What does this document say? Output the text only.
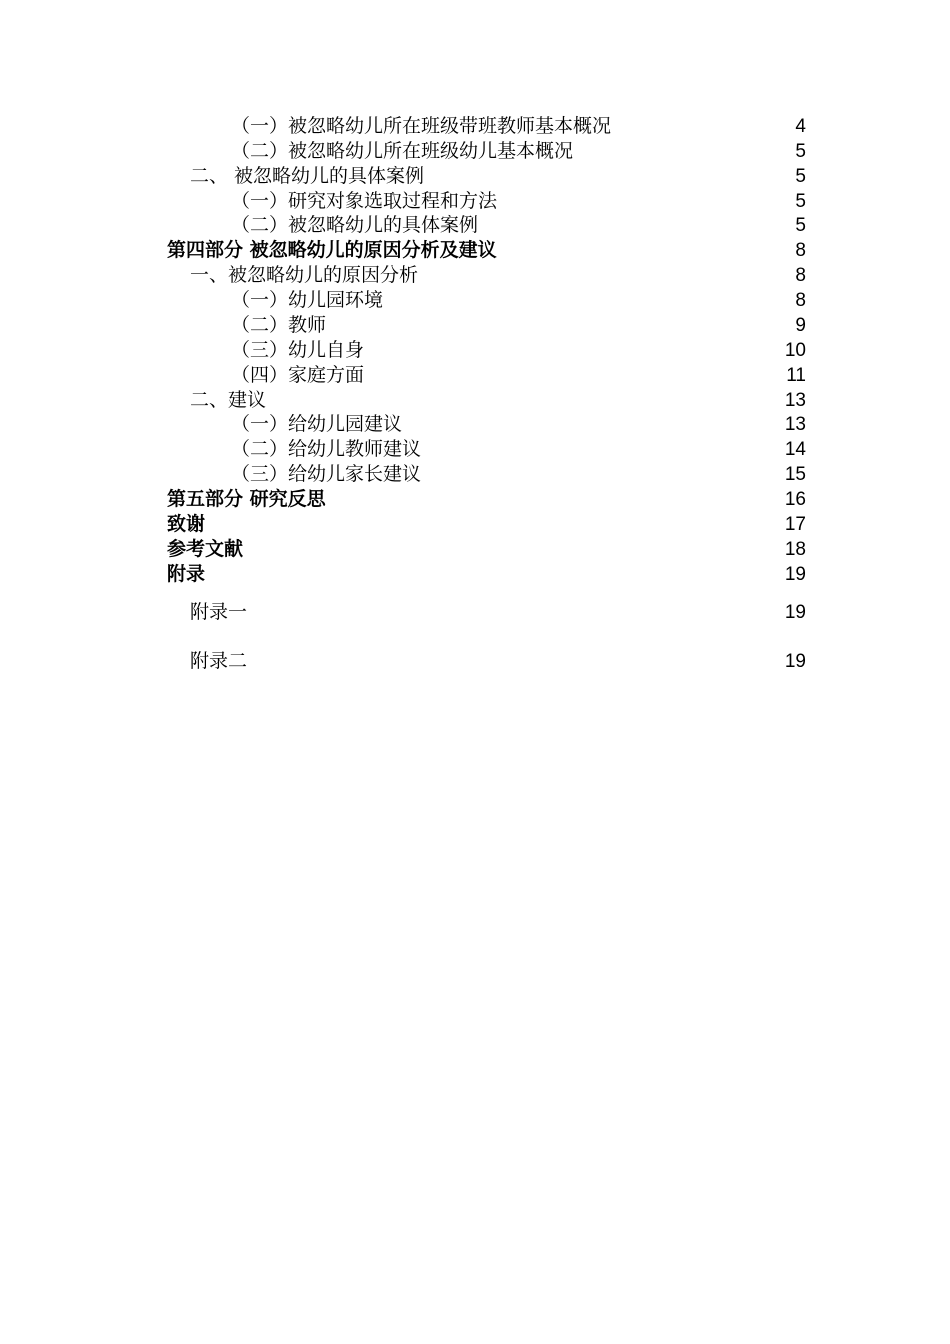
（一）被忽略幼儿所在班级带班教师基本概况	4
（二）被忽略幼儿所在班级幼儿基本概况	5
二、 被忽略幼儿的具体案例	5
（一）研究对象选取过程和方法	5
（二）被忽略幼儿的具体案例	5
第四部分 被忽略幼儿的原因分析及建议	8
一、被忽略幼儿的原因分析	8
（一）幼儿园环境	8
（二）教师	9
（三）幼儿自身	10
（四）家庭方面	11
二、建议	13
（一）给幼儿园建议	13
（二）给幼儿教师建议	14
（三）给幼儿家长建议	15
第五部分 研究反思	16
致谢	17
参考文献	18
附录	19
附录一	19
附录二	19
